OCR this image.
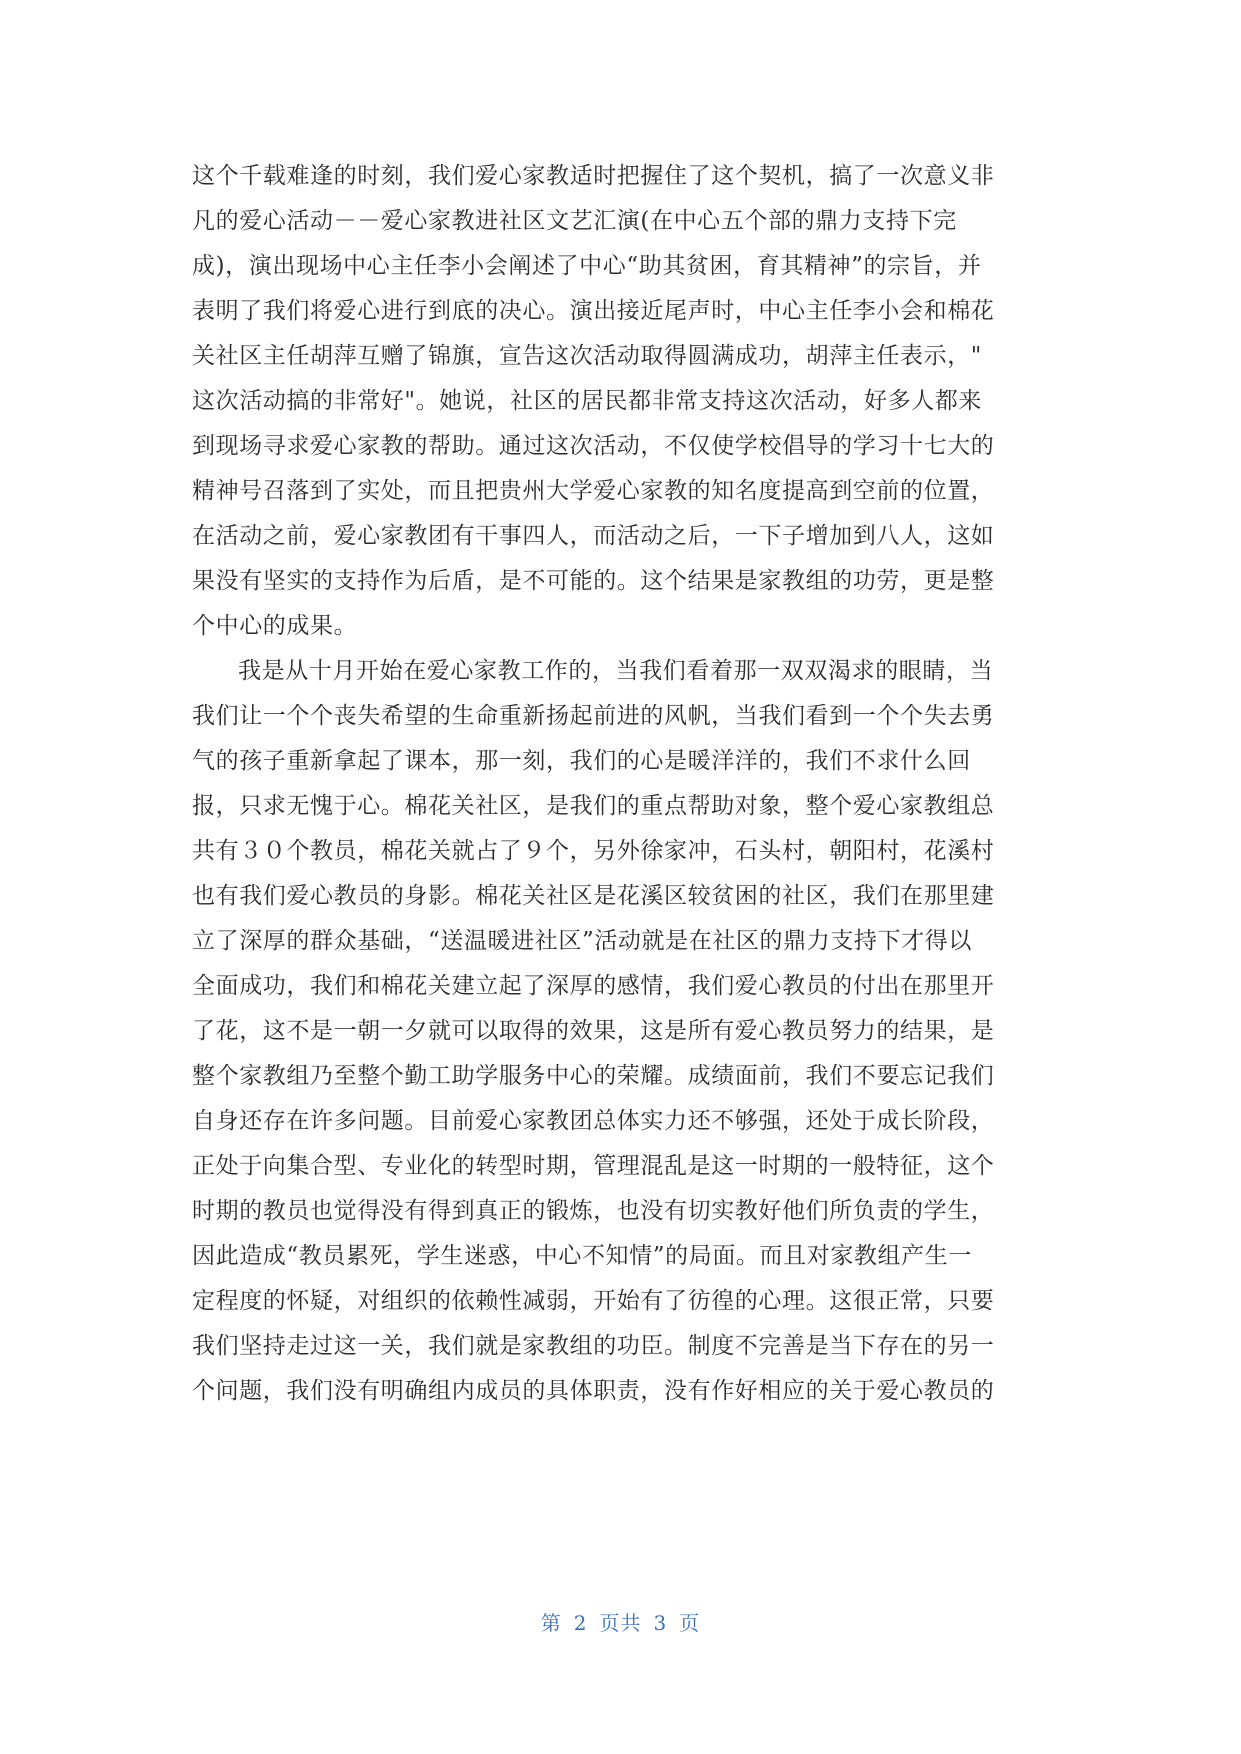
这个千载难逢的时刻，我们爱心家教适时把握住了这个契机，搞了一次意义非
凡的爱心活动－－爱心家教进社区文艺汇演(在中心五个部的鼎力支持下完
成)，演出现场中心主任李小会阐述了中心“助其贫困，育其精神”的宗旨，并
表明了我们将爱心进行到底的决心。演出接近尾声时，中心主任李小会和棉花
关社区主任胡萍互赠了锦旗，宣告这次活动取得圆满成功，胡萍主任表示，"
这次活动搞的非常好"。她说，社区的居民都非常支持这次活动，好多人都来
到现场寻求爱心家教的帮助。通过这次活动，不仅使学校倡导的学习十七大的
精神号召落到了实处，而且把贵州大学爱心家教的知名度提高到空前的位置，
在活动之前，爱心家教团有干事四人，而活动之后，一下子增加到八人，这如
果没有坚实的支持作为后盾，是不可能的。这个结果是家教组的功劳，更是整
个中心的成果。
我是从十月开始在爱心家教工作的，当我们看着那一双双渴求的眼睛，当
我们让一个个丧失希望的生命重新扬起前进的风帆，当我们看到一个个失去勇
气的孩子重新拿起了课本，那一刻，我们的心是暖洋洋的，我们不求什么回
报，只求无愧于心。棉花关社区，是我们的重点帮助对象，整个爱心家教组总
共有３０个教员，棉花关就占了９个，另外徐家冲，石头村，朝阳村，花溪村
也有我们爱心教员的身影。棉花关社区是花溪区较贫困的社区，我们在那里建
立了深厚的群众基础，“送温暖进社区”活动就是在社区的鼎力支持下才得以
全面成功，我们和棉花关建立起了深厚的感情，我们爱心教员的付出在那里开
了花，这不是一朝一夕就可以取得的效果，这是所有爱心教员努力的结果，是
整个家教组乃至整个勤工助学服务中心的荣耀。成绩面前，我们不要忘记我们
自身还存在许多问题。目前爱心家教团总体实力还不够强，还处于成长阶段，
正处于向集合型、专业化的转型时期，管理混乱是这一时期的一般特征，这个
时期的教员也觉得没有得到真正的锻炼，也没有切实教好他们所负责的学生，
因此造成“教员累死，学生迷惑，中心不知情”的局面。而且对家教组产生一
定程度的怀疑，对组织的依赖性减弱，开始有了彷徨的心理。这很正常，只要
我们坚持走过这一关，我们就是家教组的功臣。制度不完善是当下存在的另一
个问题，我们没有明确组内成员的具体职责，没有作好相应的关于爱心教员的
第 2 页共 3 页
